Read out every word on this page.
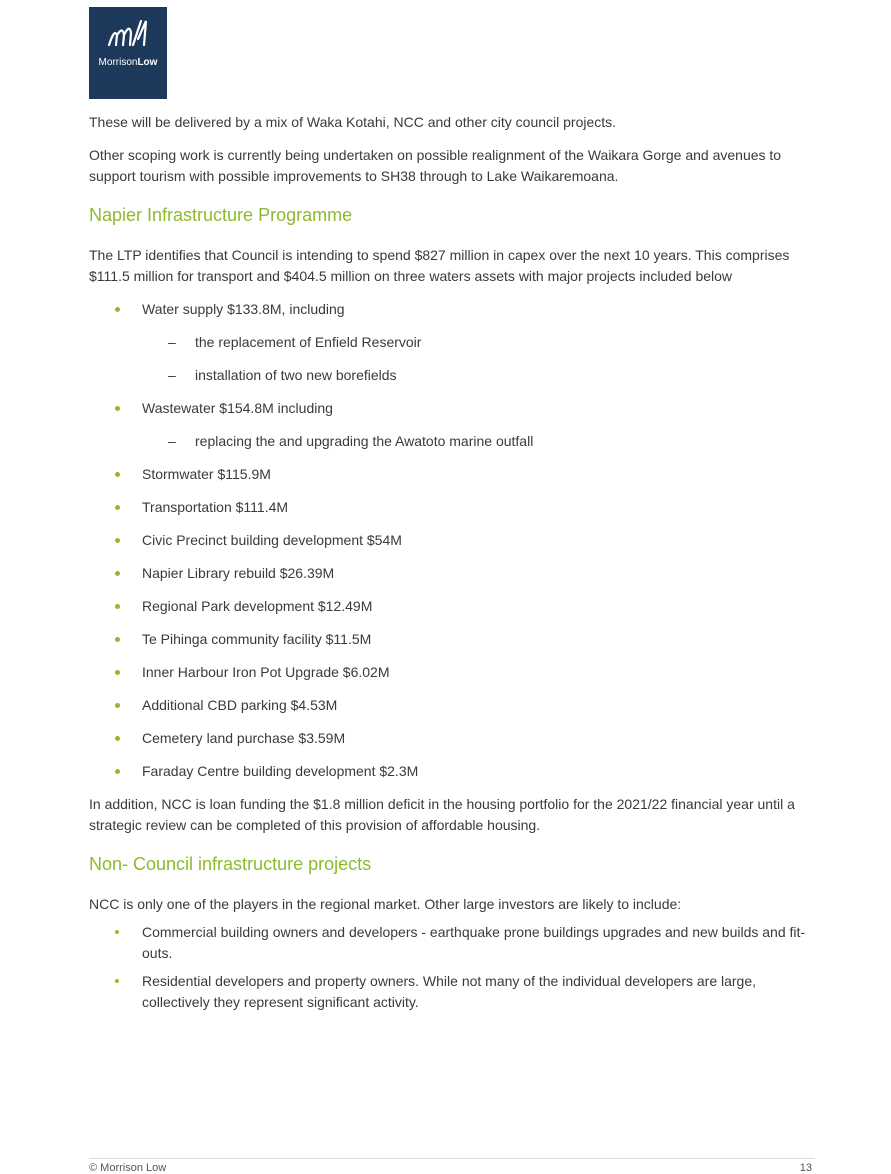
MorrisonLow

These will be delivered by a mix of Waka Kotahi, NCC and other city council projects.

Other scoping work is currently being undertaken on possible realignment of the Waikara Gorge and avenues to support tourism with possible improvements to SH38 through to Lake Waikaremoana.

Napier Infrastructure Programme

The LTP identifies that Council is intending to spend $827 million in capex over the next 10 years. This comprises $111.5 million for transport and $404.5 million on three waters assets with major projects included below

Water supply $133.8M, including
– the replacement of Enfield Reservoir
– installation of two new borefields
Wastewater $154.8M including
– replacing the and upgrading the Awatoto marine outfall
Stormwater $115.9M
Transportation $111.4M
Civic Precinct building development $54M
Napier Library rebuild $26.39M
Regional Park development $12.49M
Te Pihinga community facility $11.5M
Inner Harbour Iron Pot Upgrade $6.02M
Additional CBD parking $4.53M
Cemetery land purchase $3.59M
Faraday Centre building development $2.3M

In addition, NCC is loan funding the $1.8 million deficit in the housing portfolio for the 2021/22 financial year until a strategic review can be completed of this provision of affordable housing.

Non- Council infrastructure projects

NCC is only one of the players in the regional market. Other large investors are likely to include:

Commercial building owners and developers - earthquake prone buildings upgrades and new builds and fit-outs.
Residential developers and property owners. While not many of the individual developers are large, collectively they represent significant activity.
© Morrison Low	13
